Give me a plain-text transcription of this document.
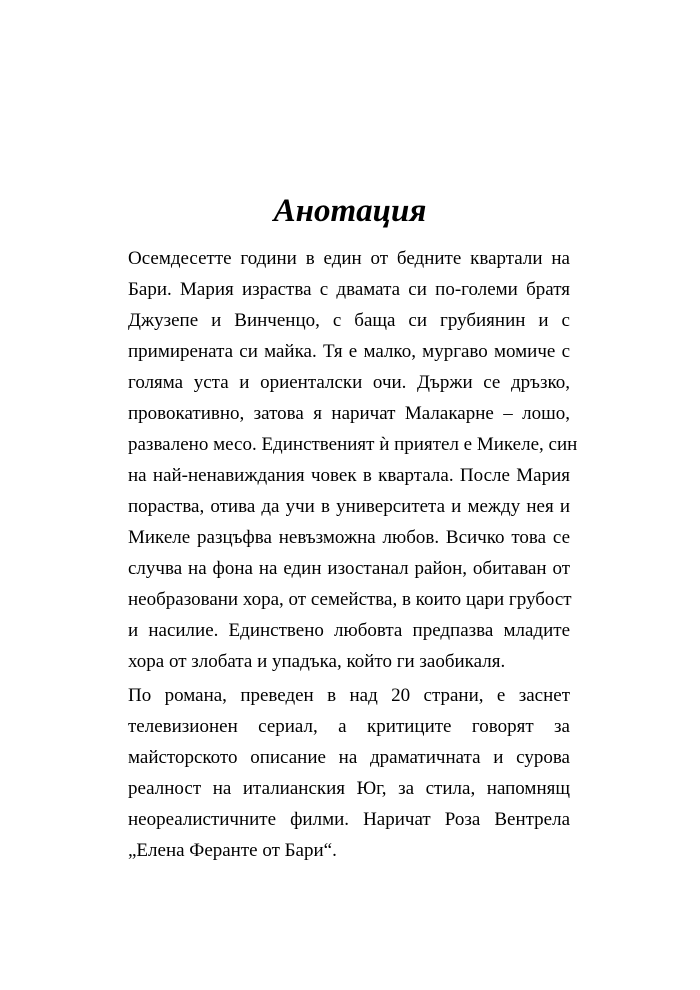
Анотация
Осемдесетте години в един от бедните квартали на
Бари. Мария израства с двамата си по-големи братя
Джузепе и Винченцо, с баща си грубиянин и с
примирената си майка. Тя е малко, мургаво момиче с
голяма уста и ориенталски очи. Държи се дръзко,
провокативно, затова я наричат Малакарне – лошо,
развалено месо. Единственият ѝ приятел е Микеле, син
на най-ненавиждания човек в квартала. После Мария
пораства, отива да учи в университета и между нея и
Микеле разцъфва невъзможна любов. Всичко това се
случва на фона на един изостанал район, обитаван от
необразовани хора, от семейства, в които цари грубост
и насилие. Единствено любовта предпазва младите
хора от злобата и упадъка, който ги заобикаля.
По романа, преведен в над 20 страни, е заснет
телевизионен сериал, а критиците говорят за
майсторското описание на драматичната и сурова
реалност на италианския Юг, за стила, напомнящ
неореалистичните филми. Наричат Роза Вентрела
„Елена Феранте от Бари“.
